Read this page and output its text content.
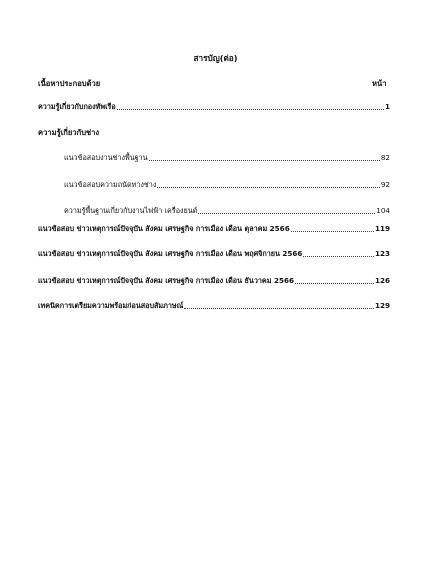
สารบัญ(ต่อ)
เนื้อหาประกอบด้วย	หน้า
ความรู้เกี่ยวกับกองทัพเรือ	1
ความรู้เกี่ยวกับช่าง
แนวข้อสอบงานช่างพื้นฐาน	82
แนวข้อสอบความถนัดทางช่าง	92
ความรู้พื้นฐานเกี่ยวกับงานไฟฟ้า เครื่องยนต์	104
แนวข้อสอบ ข่าวเหตุการณ์ปัจจุบัน สังคม เศรษฐกิจ การเมือง เดือน ตุลาคม 2566	119
แนวข้อสอบ ข่าวเหตุการณ์ปัจจุบัน สังคม เศรษฐกิจ การเมือง เดือน พฤศจิกายน 2566	123
แนวข้อสอบ ข่าวเหตุการณ์ปัจจุบัน สังคม เศรษฐกิจ การเมือง เดือน ธันวาคม 2566	126
เทคนิคการเตรียมความพร้อมก่อนสอบสัมภาษณ์	129
